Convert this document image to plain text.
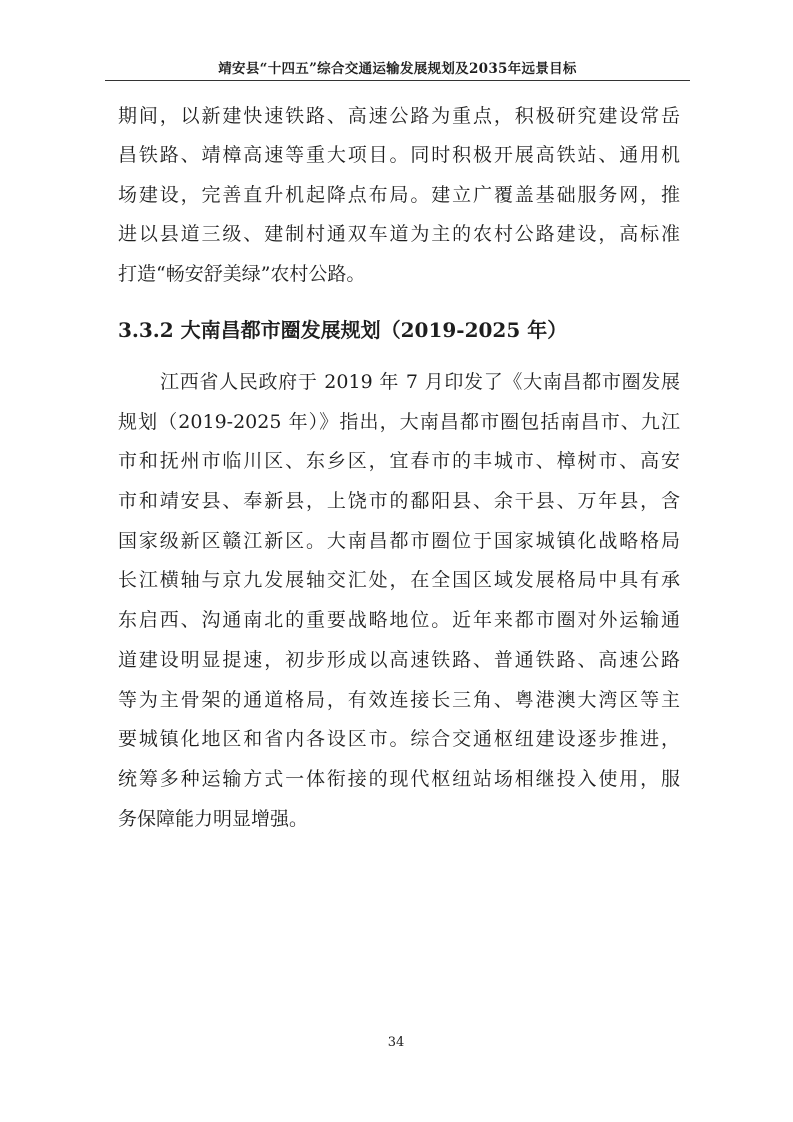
靖安县“十四五”综合交通运输发展规划及2035年远景目标
期间，以新建快速铁路、高速公路为重点，积极研究建设常岳
昌铁路、靖樟高速等重大项目。同时积极开展高铁站、通用机
场建设，完善直升机起降点布局。建立广覆盖基础服务网，推
进以县道三级、建制村通双车道为主的农村公路建设，高标准
打造“畅安舒美绿”农村公路。
3.3.2 大南昌都市圈发展规划（2019-2025 年）
江西省人民政府于 2019 年 7 月印发了《大南昌都市圈发展
规划（2019-2025 年）》指出，大南昌都市圈包括南昌市、九江
市和抚州市临川区、东乡区，宜春市的丰城市、樟树市、高安
市和靖安县、奉新县，上饶市的鄱阳县、余干县、万年县，含
国家级新区赣江新区。大南昌都市圈位于国家城镇化战略格局
长江横轴与京九发展轴交汇处，在全国区域发展格局中具有承
东启西、沟通南北的重要战略地位。近年来都市圈对外运输通
道建设明显提速，初步形成以高速铁路、普通铁路、高速公路
等为主骨架的通道格局，有效连接长三角、粤港澳大湾区等主
要城镇化地区和省内各设区市。综合交通枢纽建设逐步推进，
统筹多种运输方式一体衔接的现代枢纽站场相继投入使用，服
务保障能力明显增强。
34
